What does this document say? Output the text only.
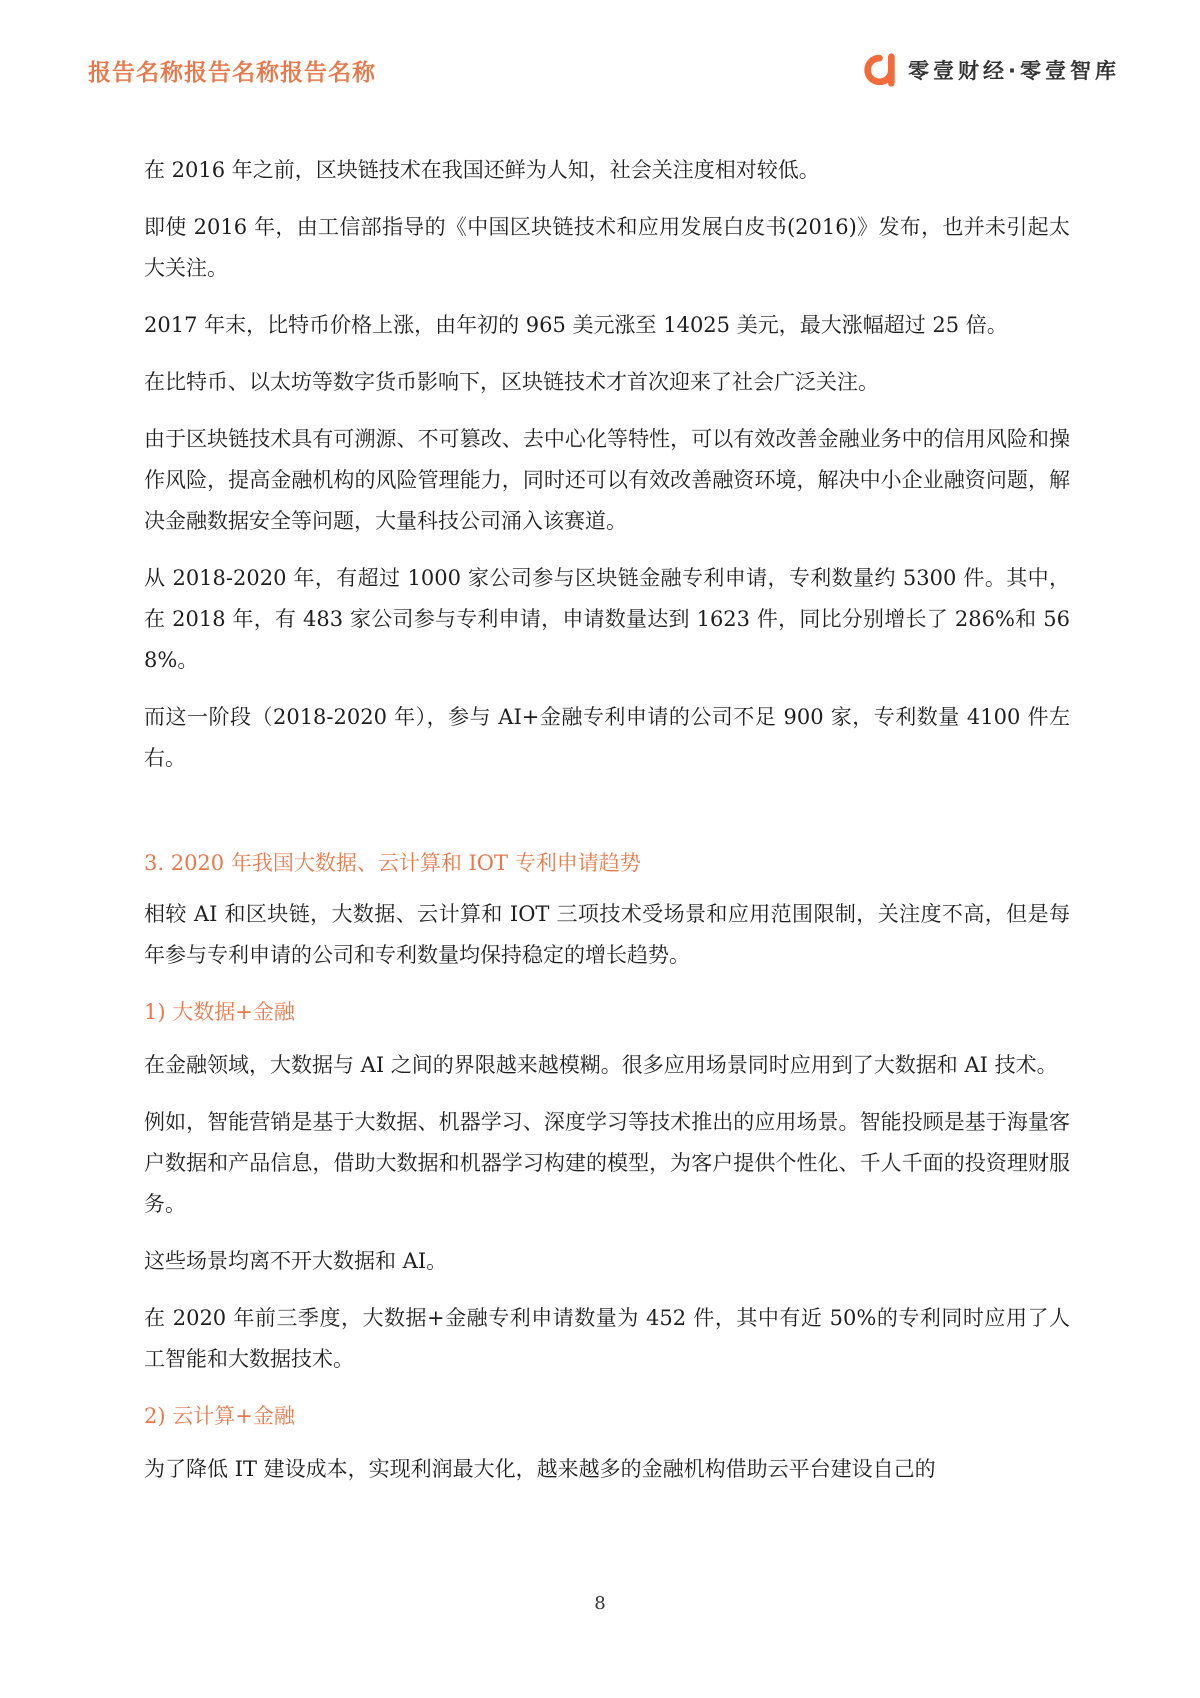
报告名称报告名称报告名称	零壹财经·零壹智库

在 2016 年之前，区块链技术在我国还鲜为人知，社会关注度相对较低。

即使 2016 年，由工信部指导的《中国区块链技术和应用发展白皮书(2016)》发布，也并未引起太大关注。

2017 年末，比特币价格上涨，由年初的 965 美元涨至 14025 美元，最大涨幅超过 25 倍。

在比特币、以太坊等数字货币影响下，区块链技术才首次迎来了社会广泛关注。

由于区块链技术具有可溯源、不可篡改、去中心化等特性，可以有效改善金融业务中的信用风险和操作风险，提高金融机构的风险管理能力，同时还可以有效改善融资环境，解决中小企业融资问题，解决金融数据安全等问题，大量科技公司涌入该赛道。

从 2018-2020 年，有超过 1000 家公司参与区块链金融专利申请，专利数量约 5300 件。其中，在 2018 年，有 483 家公司参与专利申请，申请数量达到 1623 件，同比分别增长了 286%和 568%。

而这一阶段（2018-2020 年），参与 AI+金融专利申请的公司不足 900 家，专利数量 4100 件左右。

3. 2020 年我国大数据、云计算和 IOT 专利申请趋势

相较 AI 和区块链，大数据、云计算和 IOT 三项技术受场景和应用范围限制，关注度不高，但是每年参与专利申请的公司和专利数量均保持稳定的增长趋势。

1) 大数据+金融

在金融领域，大数据与 AI 之间的界限越来越模糊。很多应用场景同时应用到了大数据和 AI 技术。

例如，智能营销是基于大数据、机器学习、深度学习等技术推出的应用场景。智能投顾是基于海量客户数据和产品信息，借助大数据和机器学习构建的模型，为客户提供个性化、千人千面的投资理财服务。

这些场景均离不开大数据和 AI。

在 2020 年前三季度，大数据+金融专利申请数量为 452 件，其中有近 50%的专利同时应用了人工智能和大数据技术。

2) 云计算+金融

为了降低 IT 建设成本，实现利润最大化，越来越多的金融机构借助云平台建设自己的

8
